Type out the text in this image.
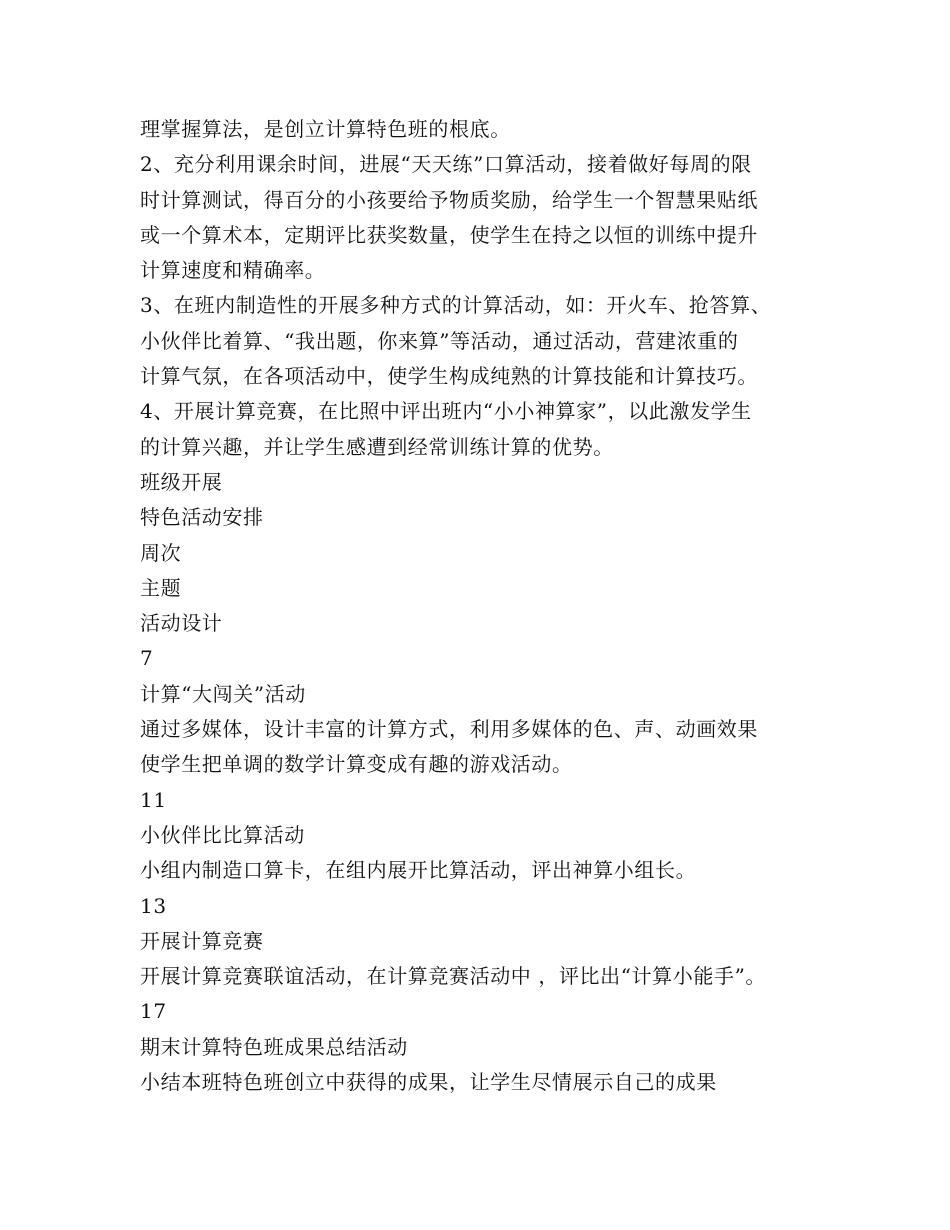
理掌握算法，是创立计算特色班的根底。
2、充分利用课余时间，进展“天天练”口算活动，接着做好每周的限
时计算测试，得百分的小孩要给予物质奖励，给学生一个智慧果贴纸
或一个算术本，定期评比获奖数量，使学生在持之以恒的训练中提升
计算速度和精确率。
3、在班内制造性的开展多种方式的计算活动，如：开火车、抢答算、
小伙伴比着算、“我出题，你来算”等活动，通过活动，营建浓重的
计算气氛，在各项活动中，使学生构成纯熟的计算技能和计算技巧。
4、开展计算竞赛，在比照中评出班内“小小神算家”，以此激发学生
的计算兴趣，并让学生感遭到经常训练计算的优势。
班级开展
特色活动安排
周次
主题
活动设计
7
计算“大闯关”活动
通过多媒体，设计丰富的计算方式，利用多媒体的色、声、动画效果
使学生把单调的数学计算变成有趣的游戏活动。
11
小伙伴比比算活动
小组内制造口算卡，在组内展开比算活动，评出神算小组长。
13
开展计算竞赛
开展计算竞赛联谊活动，在计算竞赛活动中 ，评比出“计算小能手”。
17
期末计算特色班成果总结活动
小结本班特色班创立中获得的成果，让学生尽情展示自己的成果
